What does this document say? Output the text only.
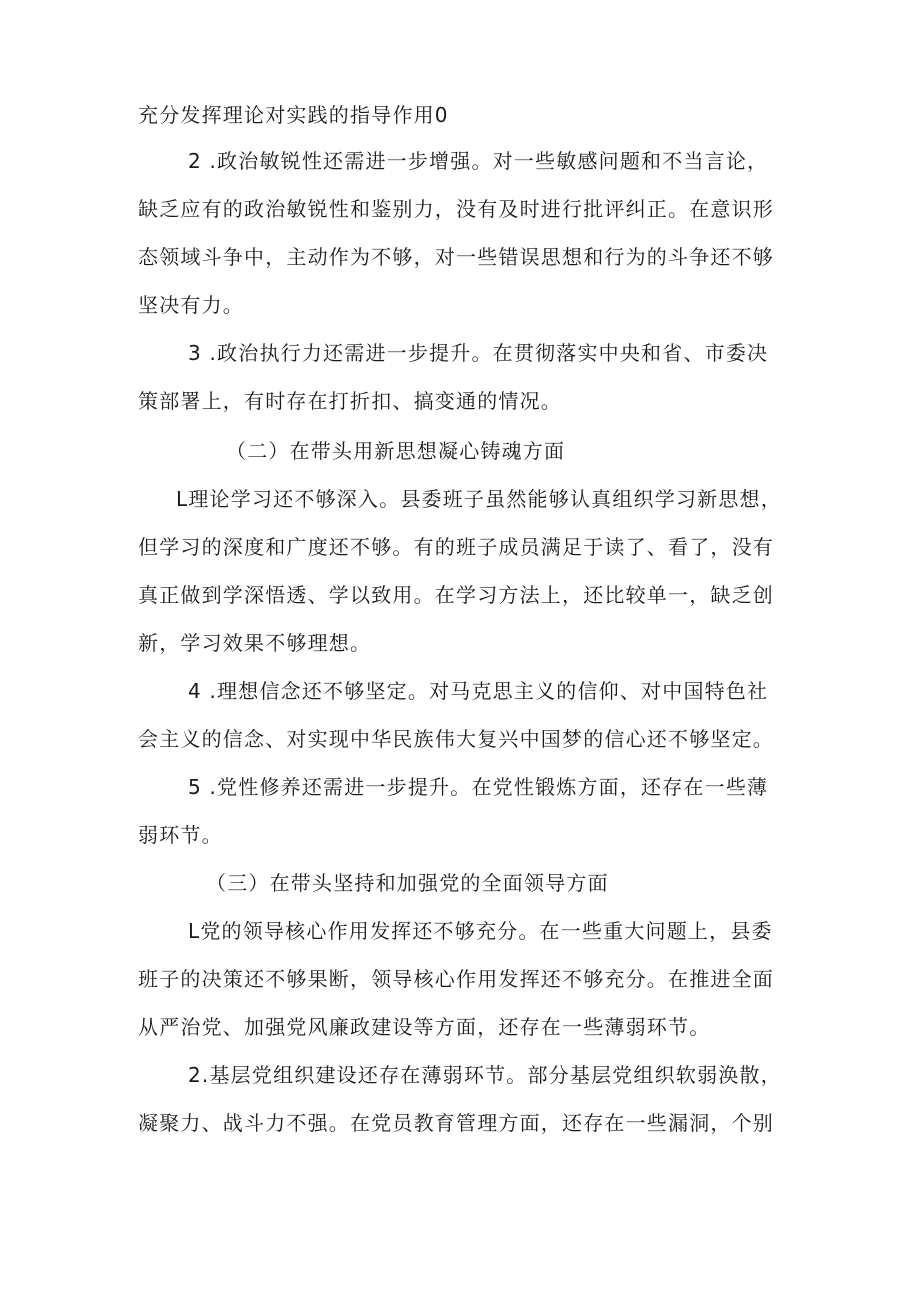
充分发挥理论对实践的指导作用0
2 .政治敏锐性还需进一步增强。对一些敏感问题和不当言论，
缺乏应有的政治敏锐性和鉴别力，没有及时进行批评纠正。在意识形
态领域斗争中，主动作为不够，对一些错误思想和行为的斗争还不够
坚决有力。
3 .政治执行力还需进一步提升。在贯彻落实中央和省、市委决
策部署上，有时存在打折扣、搞变通的情况。
（二）在带头用新思想凝心铸魂方面
L理论学习还不够深入。县委班子虽然能够认真组织学习新思想，
但学习的深度和广度还不够。有的班子成员满足于读了、看了，没有
真正做到学深悟透、学以致用。在学习方法上，还比较单一，缺乏创
新，学习效果不够理想。
4 .理想信念还不够坚定。对马克思主义的信仰、对中国特色社
会主义的信念、对实现中华民族伟大复兴中国梦的信心还不够坚定。
5 .党性修养还需进一步提升。在党性锻炼方面，还存在一些薄
弱环节。
（三）在带头坚持和加强党的全面领导方面
L党的领导核心作用发挥还不够充分。在一些重大问题上，县委
班子的决策还不够果断，领导核心作用发挥还不够充分。在推进全面
从严治党、加强党风廉政建设等方面，还存在一些薄弱环节。
2.基层党组织建设还存在薄弱环节。部分基层党组织软弱涣散，
凝聚力、战斗力不强。在党员教育管理方面，还存在一些漏洞，个别
